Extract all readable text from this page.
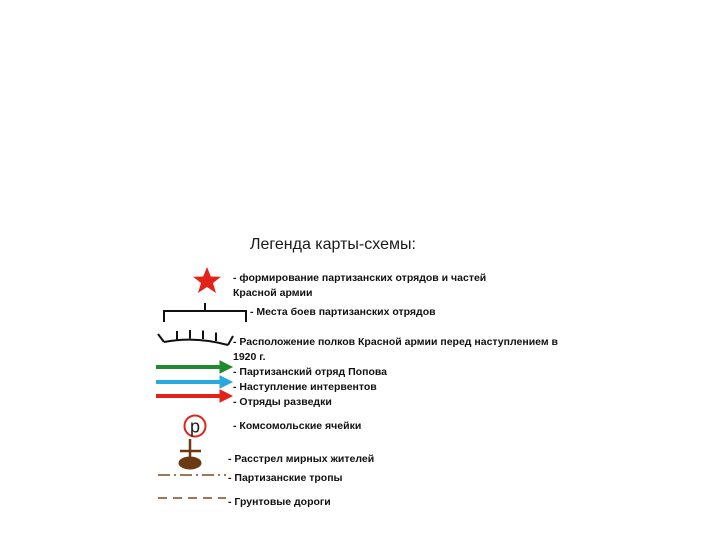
Легенда карты-схемы:
- формирование партизанских отрядов и частей
Красной армии
- Места боев партизанских отрядов
- Расположение полков Красной армии перед наступлением в
1920 г.
- Партизанский отряд Попова
- Наступление интервентов
- Отряды разведки
р	- Комсомольские ячейки
- Расстрел мирных жителей
- Партизанские тропы
- Грунтовые дороги
